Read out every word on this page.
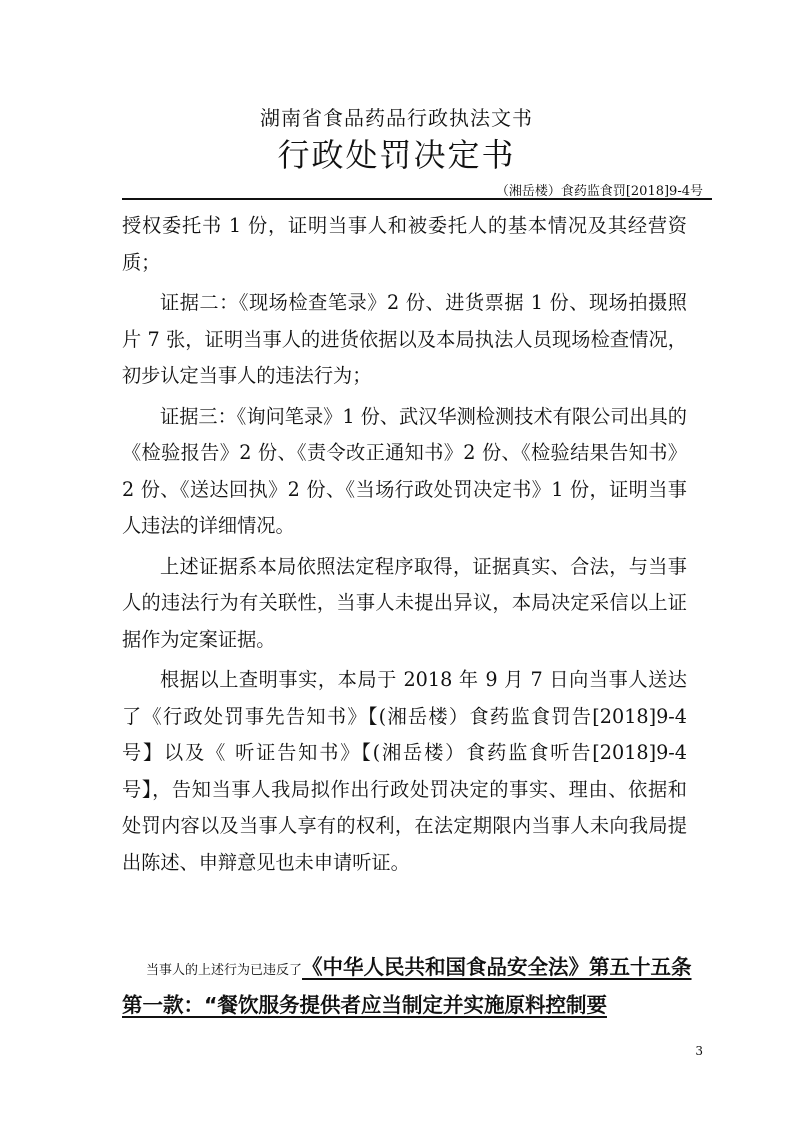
湖南省食品药品行政执法文书
行政处罚决定书
（湘岳楼）食药监食罚[2018]9-4号

授权委托书 1 份，证明当事人和被委托人的基本情况及其经营资质；

证据二：《现场检查笔录》2 份、进货票据 1 份、现场拍摄照片 7 张，证明当事人的进货依据以及本局执法人员现场检查情况，初步认定当事人的违法行为；

证据三：《询问笔录》1 份、武汉华测检测技术有限公司出具的《检验报告》2 份、《责令改正通知书》2 份、《检验结果告知书》2 份、《送达回执》2 份、《当场行政处罚决定书》1 份，证明当事人违法的详细情况。

上述证据系本局依照法定程序取得，证据真实、合法，与当事人的违法行为有关联性，当事人未提出异议，本局决定采信以上证据作为定案证据。

根据以上查明事实，本局于 2018 年 9 月 7 日向当事人送达了《行政处罚事先告知书》【(湘岳楼）食药监食罚告[2018]9-4 号】以及《 听证告知书》【(湘岳楼）食药监食听告[2018]9-4 号】，告知当事人我局拟作出行政处罚决定的事实、理由、依据和处罚内容以及当事人享有的权利，在法定期限内当事人未向我局提出陈述、申辩意见也未申请听证。

当事人的上述行为已违反了《中华人民共和国食品安全法》第五十五条第一款：“餐饮服务提供者应当制定并实施原料控制要
3
